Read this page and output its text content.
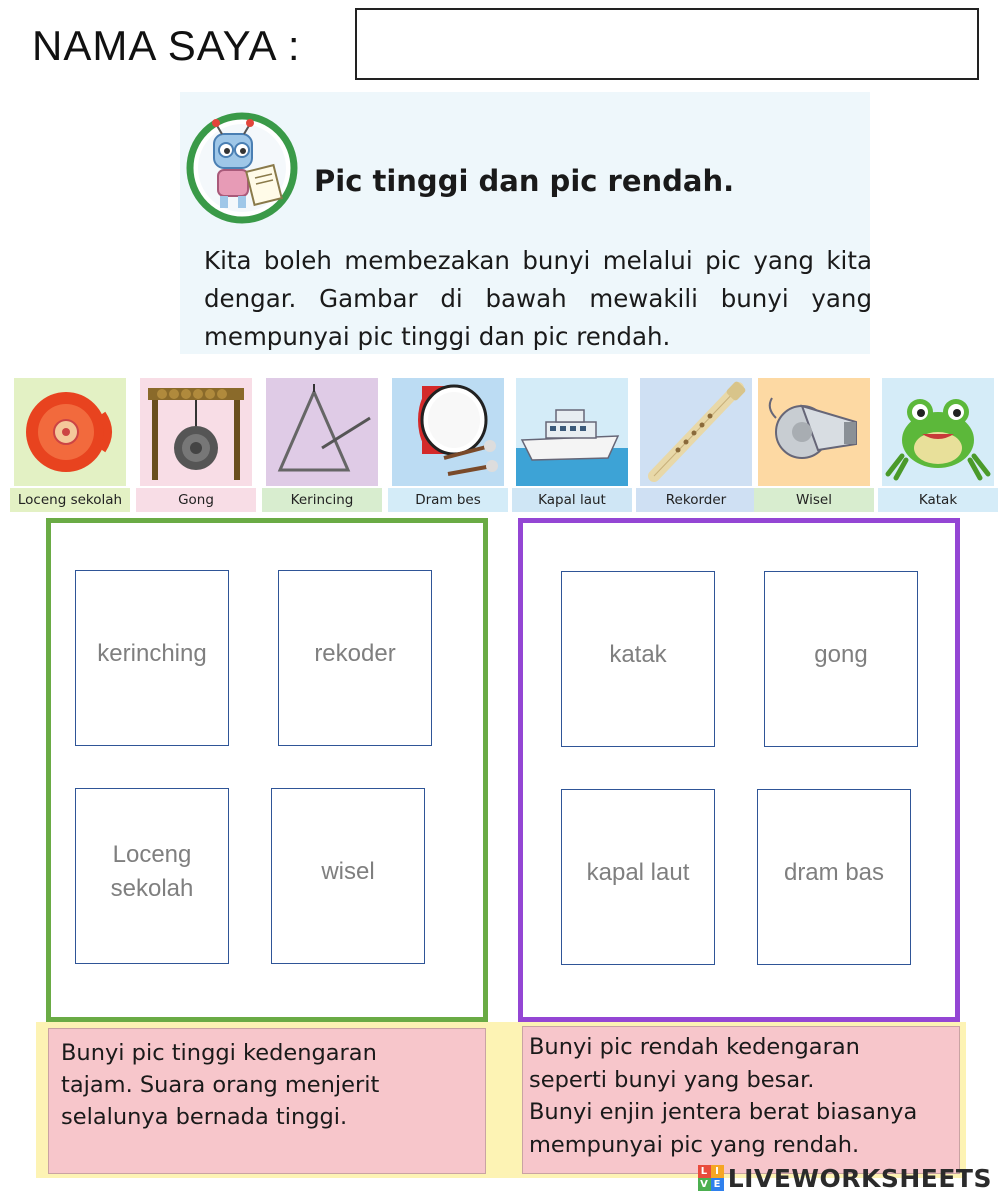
NAMA SAYA :
Pic tinggi dan pic rendah.
Kita boleh membezakan bunyi melalui pic yang kita dengar. Gambar di bawah mewakili bunyi yang mempunyai pic tinggi dan pic rendah.
Loceng sekolah	Gong	Kerincing	Dram bes	Kapal laut	Rekorder	Wisel	Katak
kerinching	rekoder
Loceng sekolah
wisel
katak	gong
kapal laut	dram bas
Bunyi pic tinggi kedengaran
tajam. Suara orang menjerit
selalunya bernada tinggi.
Bunyi pic rendah kedengaran
seperti bunyi yang besar.
Bunyi enjin jentera berat biasanya
mempunyai pic yang rendah.
L I
V E LIVEWORKSHEETS
